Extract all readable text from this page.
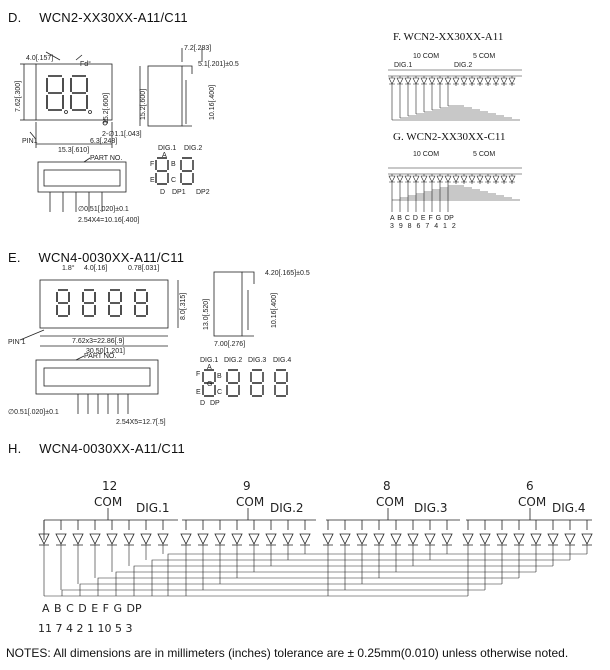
D. WCN2-XX30XX-A11/C11
F. WCN2-XX30XX-A11
G. WCN2-XX30XX-C11
E. WCN4-0030XX-A11/C11
H. WCN4-0030XX-A11/C11
4.0[.157]
Fd°
7.62[.300]	15.2[.600]
2-∅1.1[.043]
6.3[.248]
15.3[.610]
PIN1
7.2[.283]
5.1[.201]±0.5
15.2[.600]	10.16[.400]
PART NO.
∅0.51[.020]±0.1
2.54X4=10.16[.400]
DIG.1 DIG.2
A
F B
E C
D DP1 DP2
DIG.1	DIG.2
10 COM	5 COM
10 COM	5 COM
A B C D E F G DP
3 9 8 6 7 4 1 2
1.8° 4.0[.16]	0.78[.031]
8.0[.315]
PIN 1	7.62x3=22.86[.9]
30.50[1.201]
4.20[.165]±0.5
13.0[.520]	10.16[.400]
7.00[.276]
PART NO.
∅0.51[.020]±0.1
2.54X5=12.7[.5]
DIG.1 DIG.2 DIG.3 DIG.4
F
E
A
B
C
G
D DP
A B C D E F G DP
11 7 4 2 1 10 5 3
12
COM DIG.1
9
COM DIG.2
8
COM DIG.3
6
COM DIG.4
NOTES: All dimensions are in millimeters (inches) tolerance are ± 0.25mm(0.010) unless otherwise noted.
